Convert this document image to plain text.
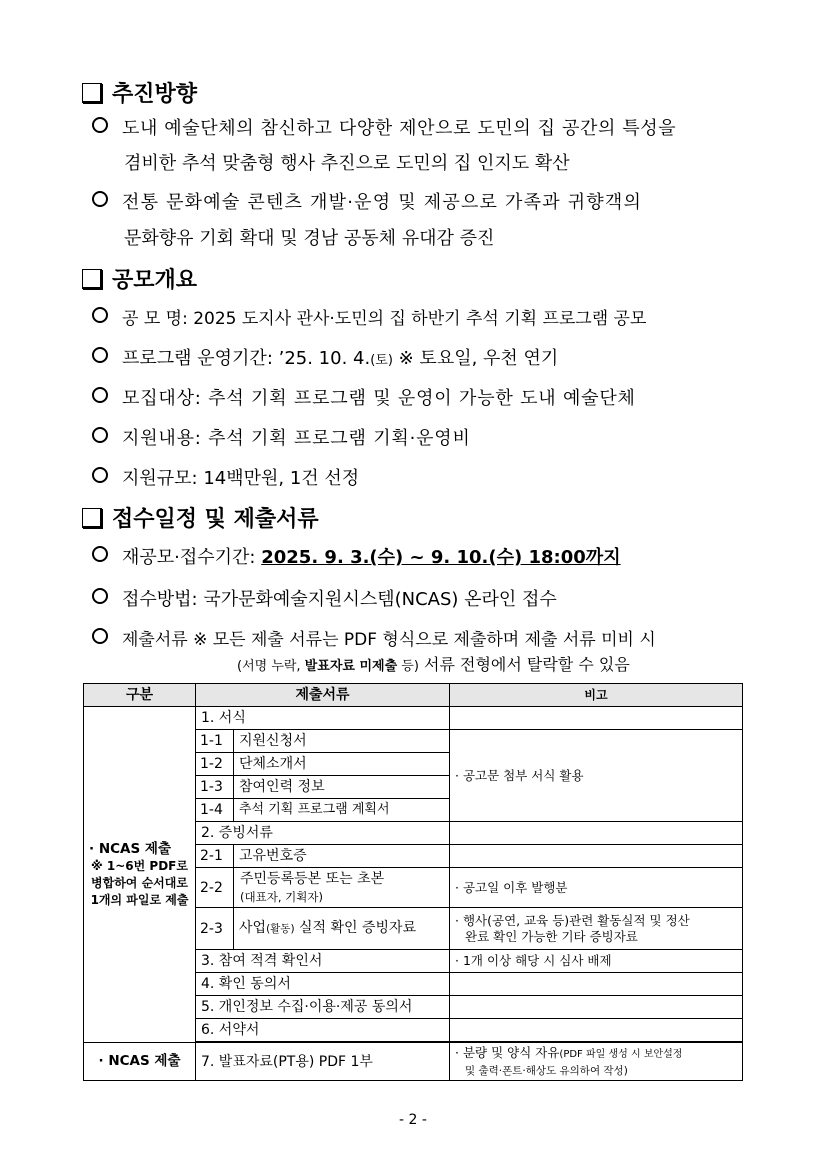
추진방향
도내 예술단체의 참신하고 다양한 제안으로 도민의 집 공간의 특성을
겸비한 추석 맞춤형 행사 추진으로 도민의 집 인지도 확산
전통 문화예술 콘텐츠 개발·운영 및 제공으로 가족과 귀향객의
문화향유 기회 확대 및 경남 공동체 유대감 증진
공모개요
공 모 명: 2025 도지사 관사·도민의 집 하반기 추석 기획 프로그램 공모
프로그램 운영기간: ’25. 10. 4.(토) ※ 토요일, 우천 연기
모집대상: 추석 기획 프로그램 및 운영이 가능한 도내 예술단체
지원내용: 추석 기획 프로그램 기획·운영비
지원규모: 14백만원, 1건 선정
접수일정 및 제출서류
재공모·접수기간: 2025. 9. 3.(수) ~ 9. 10.(수) 18:00까지
접수방법: 국가문화예술지원시스템(NCAS) 온라인 접수
제출서류 ※ 모든 제출 서류는 PDF 형식으로 제출하며 제출 서류 미비 시
(서명 누락, 발표자료 미제출 등) 서류 전형에서 탈락할 수 있음
구분	제출서류		비고

· NCAS 제출
※ 1~6번 PDF로
병합하여 순서대로
1개의 파일로 제출	1. 서식		
	1-1	지원신청서	· 공고문 첨부 서식 활용
	1-2	단체소개서	
	1-3	참여인력 정보	
	1-4	추석 기획 프로그램 계획서	
	2. 증빙서류		
	2-1	고유번호증	
	2-2	주민등록등본 또는 초본
(대표자, 기획자)	· 공고일 이후 발행분
	2-3	사업(활동) 실적 확인 증빙자료	· 행사(공연, 교육 등)관련 활동실적 및 정산
완료 확인 가능한 기타 증빙자료

	3. 참여 적격 확인서		· 1개 이상 해당 시 심사 배제
	4. 확인 동의서		
	5. 개인정보 수집·이용·제공 동의서		
	6. 서약서		

· NCAS 제출	7. 발표자료(PT용) PDF 1부		· 분량 및 양식 자유(PDF 파일 생성 시 보안설정
및 출력·폰트·해상도 유의하여 작성)
- 2 -
